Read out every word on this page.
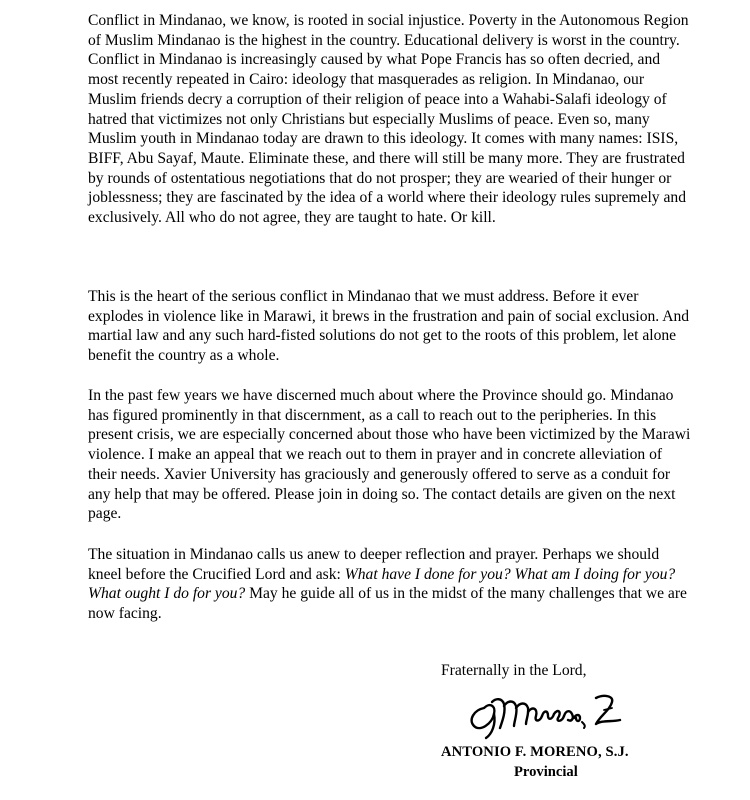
Conflict in Mindanao, we know, is rooted in social injustice. Poverty in the Autonomous Region of Muslim Mindanao is the highest in the country. Educational delivery is worst in the country. Conflict in Mindanao is increasingly caused by what Pope Francis has so often decried, and most recently repeated in Cairo: ideology that masquerades as religion. In Mindanao, our Muslim friends decry a corruption of their religion of peace into a Wahabi-Salafi ideology of hatred that victimizes not only Christians but especially Muslims of peace. Even so, many Muslim youth in Mindanao today are drawn to this ideology. It comes with many names: ISIS, BIFF, Abu Sayaf, Maute. Eliminate these, and there will still be many more. They are frustrated by rounds of ostentatious negotiations that do not prosper; they are wearied of their hunger or joblessness; they are fascinated by the idea of a world where their ideology rules supremely and exclusively. All who do not agree, they are taught to hate. Or kill.

This is the heart of the serious conflict in Mindanao that we must address. Before it ever explodes in violence like in Marawi, it brews in the frustration and pain of social exclusion. And martial law and any such hard-fisted solutions do not get to the roots of this problem, let alone benefit the country as a whole.

In the past few years we have discerned much about where the Province should go. Mindanao has figured prominently in that discernment, as a call to reach out to the peripheries. In this present crisis, we are especially concerned about those who have been victimized by the Marawi violence. I make an appeal that we reach out to them in prayer and in concrete alleviation of their needs. Xavier University has graciously and generously offered to serve as a conduit for any help that may be offered. Please join in doing so. The contact details are given on the next page.

The situation in Mindanao calls us anew to deeper reflection and prayer. Perhaps we should kneel before the Crucified Lord and ask: What have I done for you? What am I doing for you? What ought I do for you? May he guide all of us in the midst of the many challenges that we are now facing.

Fraternally in the Lord,
ANTONIO F. MORENO, S.J.
Provincial
